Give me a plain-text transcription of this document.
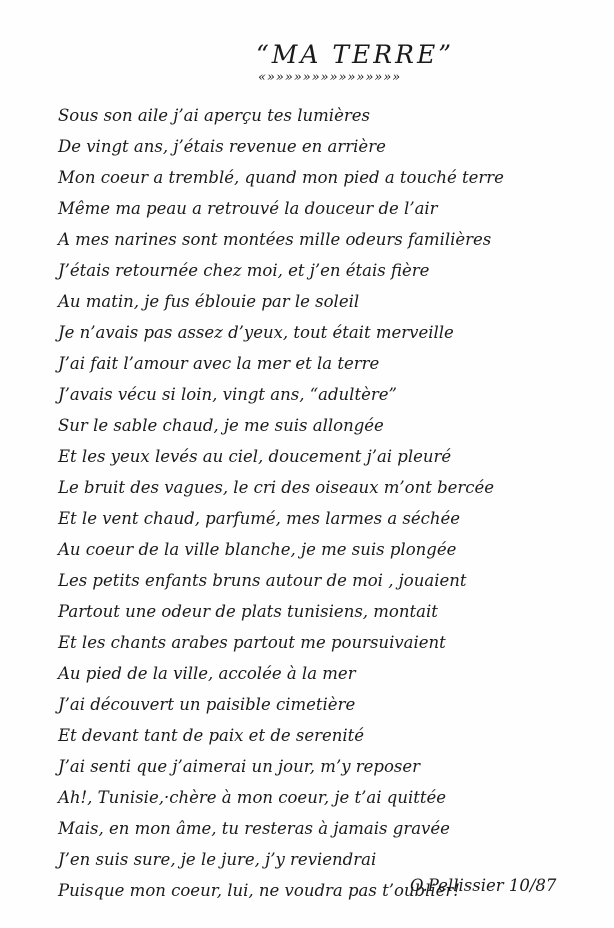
“MA TERRE”
«»»»»»»»»»»»»»»»
Sous son aile j’ai aperçu tes lumières
De vingt ans, j’étais revenue en arrière
Mon coeur a tremblé, quand mon pied a touché terre
Même ma peau a retrouvé la douceur de l’air
A mes narines sont montées mille odeurs familières
J’étais retournée chez moi, et j’en étais fière
Au matin, je fus éblouie par le soleil
Je n’avais pas assez d’yeux, tout était merveille
J’ai fait l’amour avec la mer et la terre
J’avais vécu si loin, vingt ans, “adultère”
Sur le sable chaud, je me suis allongée
Et les yeux levés au ciel, doucement j’ai pleuré
Le bruit des vagues, le cri des oiseaux m’ont bercée
Et le vent chaud, parfumé, mes larmes a séchée
Au coeur de la ville blanche, je me suis plongée
Les petits enfants bruns autour de moi , jouaient
Partout une odeur de plats tunisiens, montait
Et les chants arabes partout me poursuivaient
Au pied de la ville, accolée à la mer
J’ai découvert un paisible cimetière
Et devant tant de paix et de serenité
J’ai senti que j’aimerai un jour, m’y reposer
Ah!, Tunisie,·chère à mon coeur, je t’ai quittée
Mais, en mon âme, tu resteras à jamais gravée
J’en suis sure, je le jure, j’y reviendrai
Puisque mon coeur, lui, ne voudra pas t’oublier!
O.Pellissier 10/87
